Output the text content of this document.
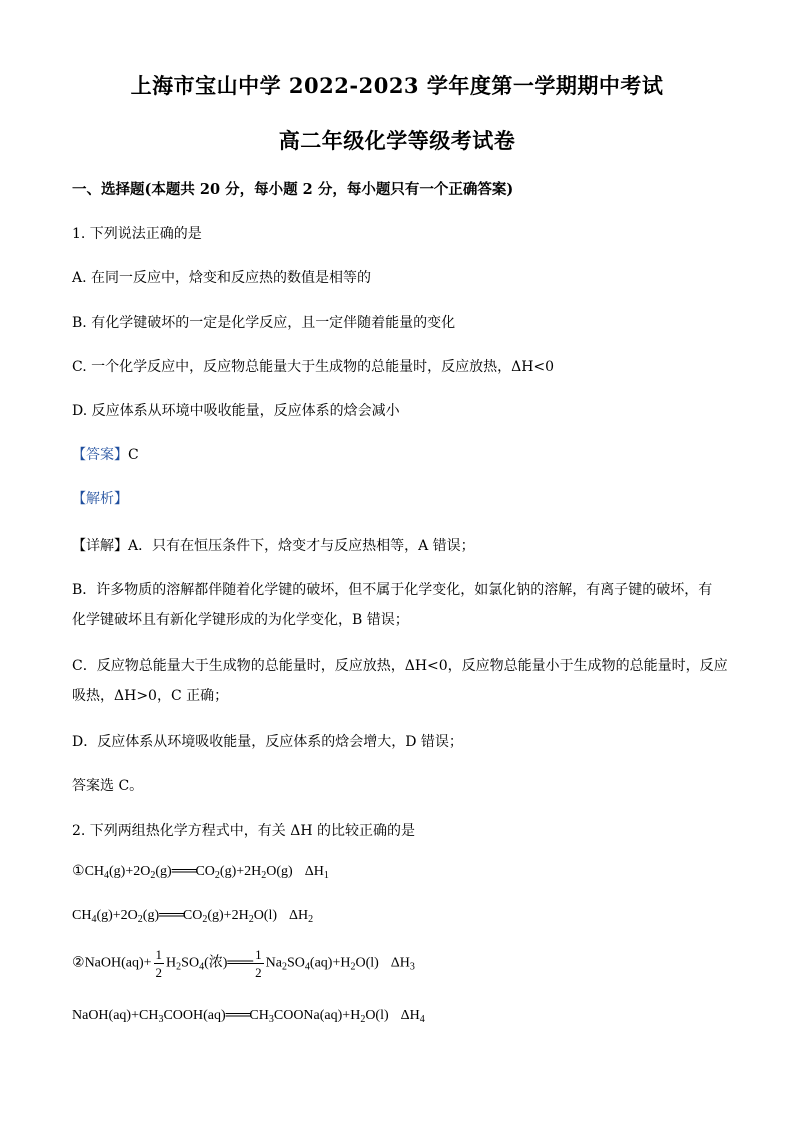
上海市宝山中学 2022-2023 学年度第一学期期中考试
高二年级化学等级考试卷
一、选择题(本题共 20 分，每小题 2 分，每小题只有一个正确答案)
1. 下列说法正确的是
A. 在同一反应中，焓变和反应热的数值是相等的
B. 有化学键破坏的一定是化学反应，且一定伴随着能量的变化
C. 一个化学反应中，反应物总能量大于生成物的总能量时，反应放热，ΔH<0
D. 反应体系从环境中吸收能量，反应体系的焓会减小
【答案】C
【解析】
【详解】A．只有在恒压条件下，焓变才与反应热相等，A 错误；
B．许多物质的溶解都伴随着化学键的破坏，但不属于化学变化，如氯化钠的溶解，有离子键的破坏，有
化学键破坏且有新化学键形成的为化学变化，B 错误；
C．反应物总能量大于生成物的总能量时，反应放热，ΔH<0，反应物总能量小于生成物的总能量时，反应
吸热，ΔH>0，C 正确；
D．反应体系从环境吸收能量，反应体系的焓会增大，D 错误；
答案选 C。
2. 下列两组热化学方程式中，有关 ΔH 的比较正确的是
$①CH_4(g)+2O_2(g)═══CO_2(g)+2H_2O(g)$ $\Delta H_1$
$CH_4(g)+2O_2(g)═══CO_2(g)+2H_2O(l)$ $\Delta H_2$
②NaOH(aq)+ $\frac{1}{2} H_2SO_4$(浓)═══ $\frac{1}{2} Na_2SO_4(aq)+H_2O(l)$ $\Delta H_3$
$NaOH(aq)+CH_3COOH(aq)═══CH_3COONa(aq)+H_2O(l)$ $\Delta H_4$
